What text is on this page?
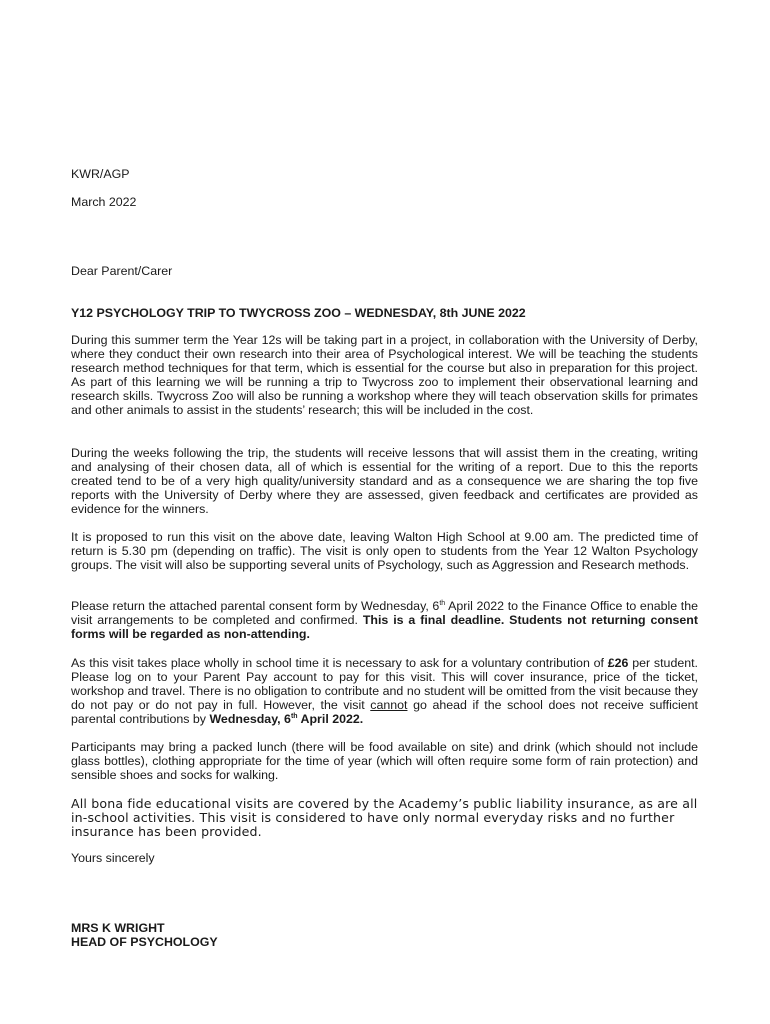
KWR/AGP
March 2022
Dear Parent/Carer
Y12 PSYCHOLOGY TRIP TO TWYCROSS ZOO – WEDNESDAY, 8th JUNE 2022

During this summer term the Year 12s will be taking part in a project, in collaboration with the University of Derby, where they conduct their own research into their area of Psychological interest. We will be teaching the students research method techniques for that term, which is essential for the course but also in preparation for this project. As part of this learning we will be running a trip to Twycross zoo to implement their observational learning and research skills. Twycross Zoo will also be running a workshop where they will teach observation skills for primates and other animals to assist in the students’ research; this will be included in the cost.

During the weeks following the trip, the students will receive lessons that will assist them in the creating, writing and analysing of their chosen data, all of which is essential for the writing of a report. Due to this the reports created tend to be of a very high quality/university standard and as a consequence we are sharing the top five reports with the University of Derby where they are assessed, given feedback and certificates are provided as evidence for the winners.

It is proposed to run this visit on the above date, leaving Walton High School at 9.00 am. The predicted time of return is 5.30 pm (depending on traffic). The visit is only open to students from the Year 12 Walton Psychology groups. The visit will also be supporting several units of Psychology, such as Aggression and Research methods.

Please return the attached parental consent form by Wednesday, 6th April 2022 to the Finance Office to enable the visit arrangements to be completed and confirmed. This is a final deadline. Students not returning consent forms will be regarded as non-attending.

As this visit takes place wholly in school time it is necessary to ask for a voluntary contribution of £26 per student. Please log on to your Parent Pay account to pay for this visit. This will cover insurance, price of the ticket, workshop and travel. There is no obligation to contribute and no student will be omitted from the visit because they do not pay or do not pay in full. However, the visit cannot go ahead if the school does not receive sufficient parental contributions by Wednesday, 6th April 2022.

Participants may bring a packed lunch (there will be food available on site) and drink (which should not include glass bottles), clothing appropriate for the time of year (which will often require some form of rain protection) and sensible shoes and socks for walking.

All bona fide educational visits are covered by the Academy’s public liability insurance, as are all in-school activities. This visit is considered to have only normal everyday risks and no further insurance has been provided.

Yours sincerely
MRS K WRIGHT
HEAD OF PSYCHOLOGY
